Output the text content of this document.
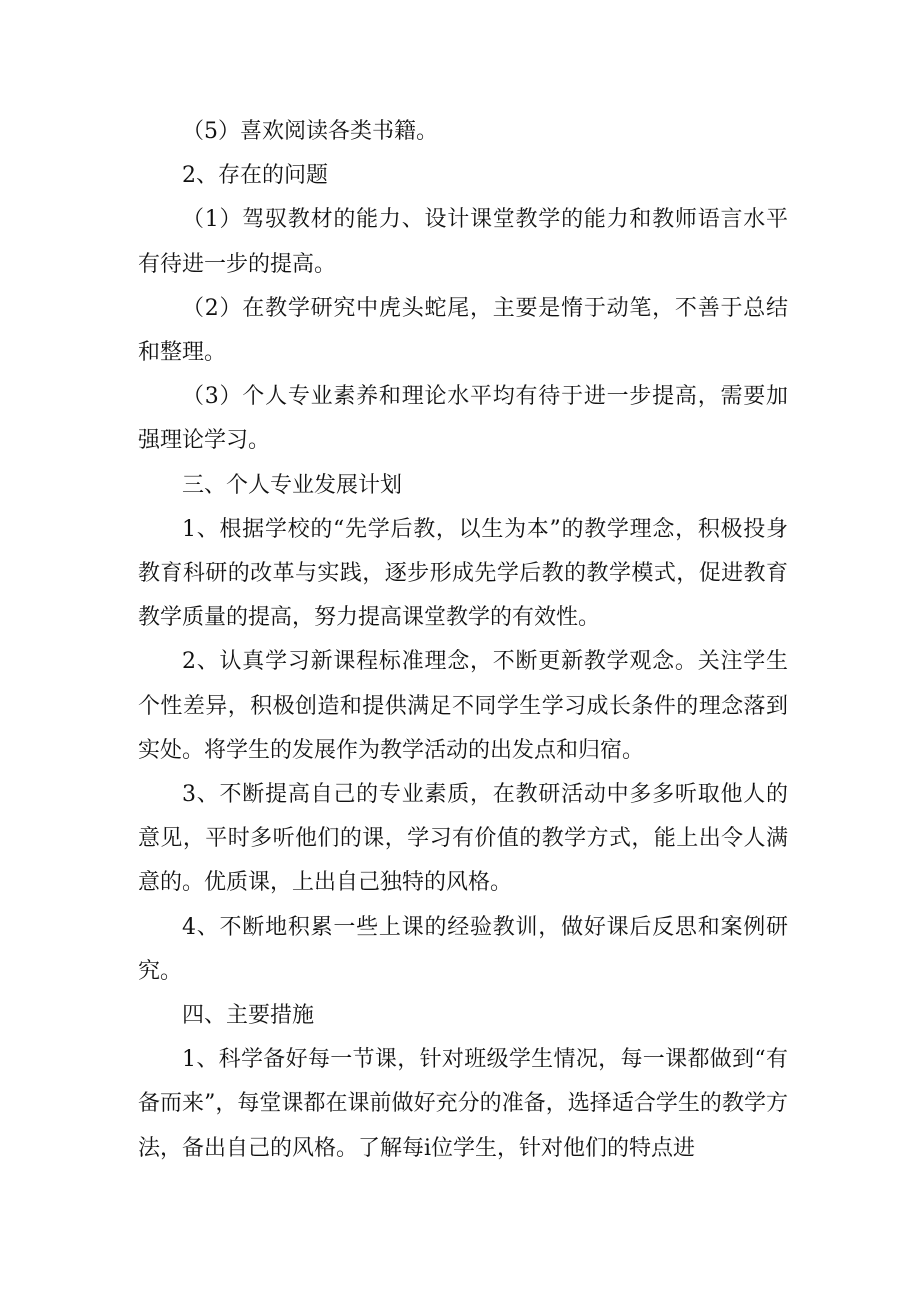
（5）喜欢阅读各类书籍。

2、存在的问题

（1）驾驭教材的能力、设计课堂教学的能力和教师语言水平有待进一步的提高。

（2）在教学研究中虎头蛇尾，主要是惰于动笔，不善于总结和整理。

（3）个人专业素养和理论水平均有待于进一步提高，需要加强理论学习。

三、个人专业发展计划

1、根据学校的“先学后教，以生为本”的教学理念，积极投身教育科研的改革与实践，逐步形成先学后教的教学模式，促进教育教学质量的提高，努力提高课堂教学的有效性。

2、认真学习新课程标准理念，不断更新教学观念。关注学生个性差异，积极创造和提供满足不同学生学习成长条件的理念落到实处。将学生的发展作为教学活动的出发点和归宿。

3、不断提高自己的专业素质，在教研活动中多多听取他人的意见，平时多听他们的课，学习有价值的教学方式，能上出令人满意的。优质课，上出自己独特的风格。

4、不断地积累一些上课的经验教训，做好课后反思和案例研究。

四、主要措施

1、科学备好每一节课，针对班级学生情况，每一课都做到“有备而来”，每堂课都在课前做好充分的准备，选择适合学生的教学方法，备出自己的风格。了解每i位学生，针对他们的特点进
